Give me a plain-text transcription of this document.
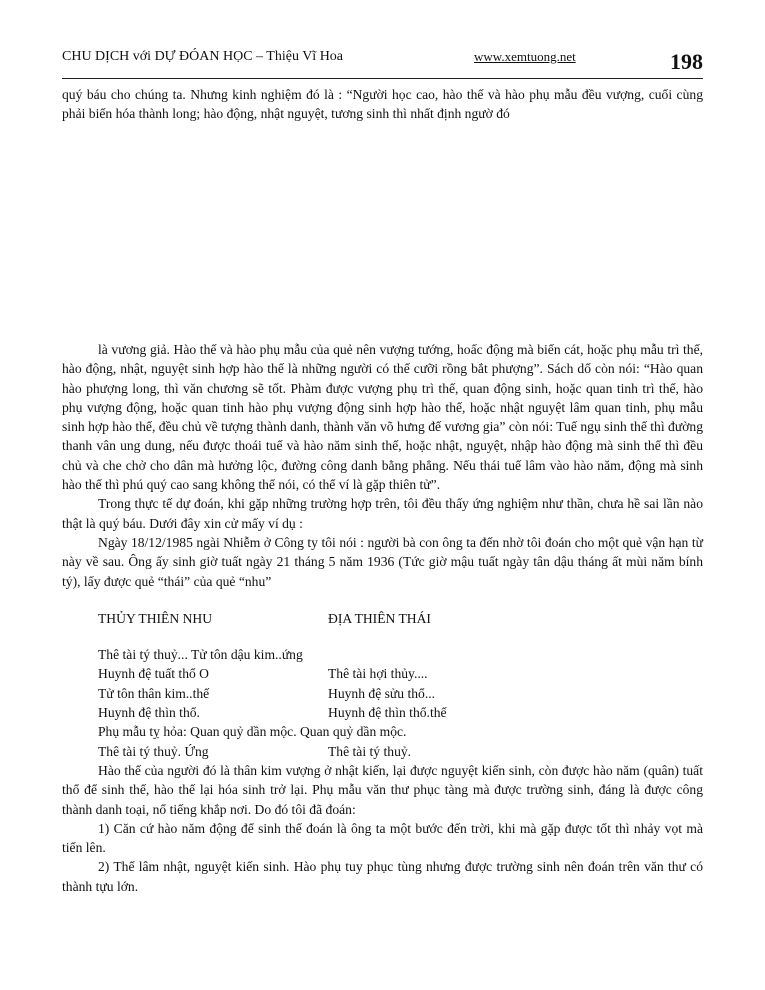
CHU DỊCH với DỰ ĐÓAN HỌC – Thiệu Vĩ Hoa	www.xemtuong.net	198

quý báu cho chúng ta. Nhưng kinh nghiệm đó là : “Người học cao, hào thế và hào phụ mẫu đều vượng, cuối cùng phải biến hóa thành long; hào động, nhật nguyệt, tương sinh thì nhất định ngườ đó

là vương giả. Hào thế và hào phụ mẫu của quẻ nên vượng tướng, hoấc động mà biến cát, hoặc phụ mẫu trì thế, hào động, nhật, nguyệt sinh hợp hào thế là những người có thế cưỡi rồng bắt phượng”. Sách dố còn nói: “Hào quan hào phượng long, thì văn chương sẽ tốt. Phàm được vượng phụ trì thế, quan động sinh, hoặc quan tinh trì thế, hào phụ vượng động, hoặc quan tinh hào phụ vượng động sinh hợp hào thế, hoặc nhật nguyệt lâm quan tinh, phụ mẫu sinh hợp hào thế, đều chủ về tượng thành danh, thành văn võ hưng đế vương gia” còn nói: Tuế ngụ sinh thế thì đường thanh vân ung dung, nếu được thoái tuế và hào năm sinh thế, hoặc nhật, nguyệt, nhập hào động mà sinh thế thì đều chủ và che chở cho dân mà hưởng lộc, đường công danh bằng phẳng. Nếu thái tuế lâm vào hào năm, động mà sinh hào thế thì phú quý cao sang không thể nói, có thể ví là gặp thiên tử”.

Trong thực tế dự đoán, khi gặp những trường hợp trên, tôi đều thấy ứng nghiệm như thần, chưa hề sai lần nào thật là quý báu. Dưới đây xin cử mấy ví dụ :

Ngày 18/12/1985 ngài Nhiễm ở Công ty tôi nói : người bà con ông ta đến nhờ tôi đoán cho một quẻ vận hạn từ này về sau. Ông ấy sinh giờ tuất ngày 21 tháng 5 năm 1936 (Tức giờ mậu tuất ngày tân dậu tháng ất mùi năm bính tý), lấy được quẻ “thái” của quẻ “nhu”

THỦY THIÊN NHU	ĐỊA THIÊN THÁI
Thê tài tý thuỷ... Tử tôn dậu kim..ứng
Huynh đệ tuất thổ O	Thê tài hợi thủy....
Tử tôn thân kim..thế	Huynh đệ sửu thổ...
Huynh đệ thìn thổ.	Huynh đệ thìn thổ.thế
Phụ mẫu tỵ hỏa: Quan quỷ dần mộc. Quan quỷ dần mộc.
Thê tài tý thuỷ. Ứng	Thê tài tý thuỷ.

Hào thế của người đó là thân kim vượng ở nhật kiến, lại được nguyệt kiến sinh, còn được hào năm (quân) tuất thổ để sinh thế, hào thế lại hóa sinh trở lại. Phụ mẫu văn thư phục tàng mà được trường sinh, đáng là được công thành danh toại, nổ tiếng khắp nơi. Do đó tôi đã đoán:

1) Căn cứ hào năm động để sinh thế đoán là ông ta một bước đến trời, khi mà gặp được tốt thì nhảy vọt mà tiến lên.

2) Thế lâm nhật, nguyệt kiến sinh. Hào phụ tuy phục tùng nhưng được trường sinh nên đoán trên văn thư có thành tựu lớn.
